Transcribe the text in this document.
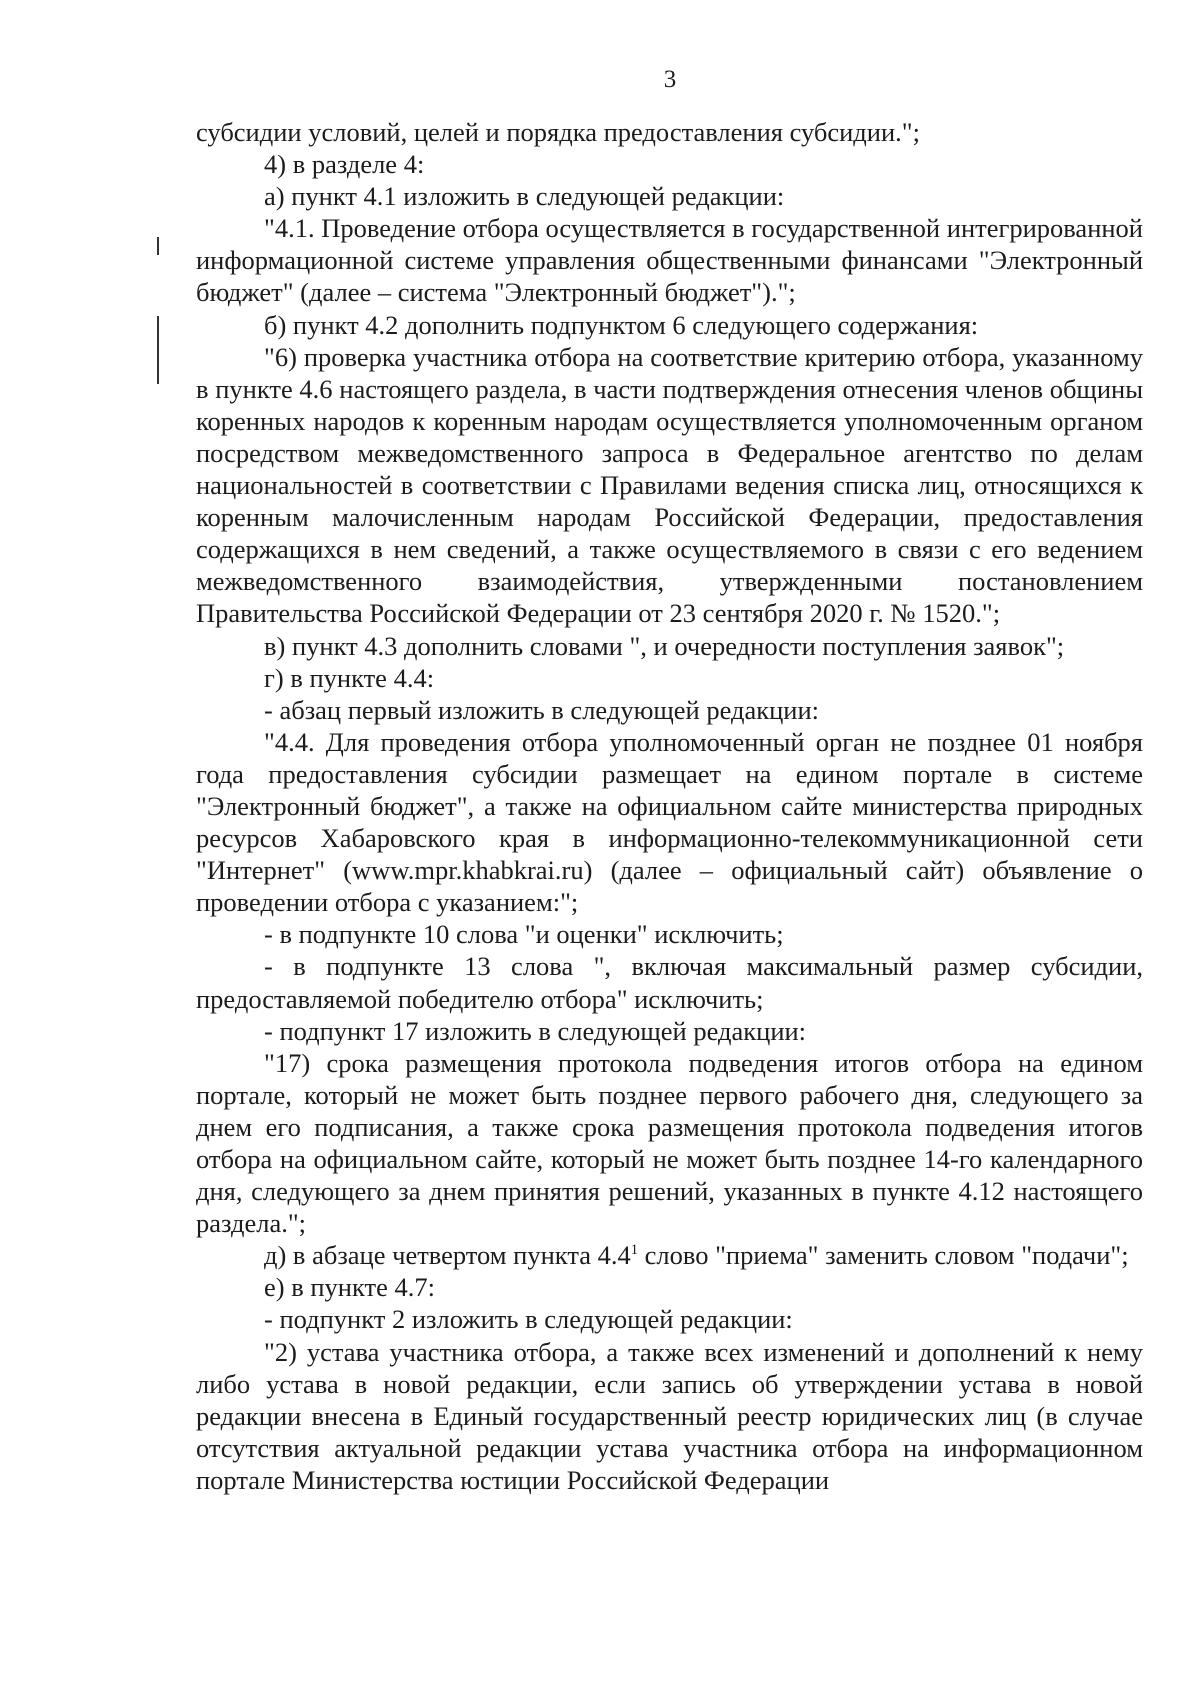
3

субсидии условий, целей и порядка предоставления субсидии.";

4) в разделе 4:

а) пункт 4.1 изложить в следующей редакции:

"4.1. Проведение отбора осуществляется в государственной интегрированной информационной системе управления общественными финансами "Электронный бюджет" (далее – система "Электронный бюджет").";

б) пункт 4.2 дополнить подпунктом 6 следующего содержания:

"6) проверка участника отбора на соответствие критерию отбора, указанному в пункте 4.6 настоящего раздела, в части подтверждения отнесения членов общины коренных народов к коренным народам осуществляется уполномоченным органом посредством межведомственного запроса в Федеральное агентство по делам национальностей в соответствии с Правилами ведения списка лиц, относящихся к коренным малочисленным народам Российской Федерации, предоставления содержащихся в нем сведений, а также осуществляемого в связи с его ведением межведомственного взаимодействия, утвержденными постановлением Правительства Российской Федерации от 23 сентября 2020 г. № 1520.";

в) пункт 4.3 дополнить словами ", и очередности поступления заявок";

г) в пункте 4.4:

- абзац первый изложить в следующей редакции:

"4.4. Для проведения отбора уполномоченный орган не позднее 01 ноября года предоставления субсидии размещает на едином портале в системе "Электронный бюджет", а также на официальном сайте министерства природных ресурсов Хабаровского края в информационно-телекоммуникационной сети "Интернет" (www.mpr.khabkrai.ru) (далее – официальный сайт) объявление о проведении отбора с указанием:";

- в подпункте 10 слова "и оценки" исключить;

- в подпункте 13 слова ", включая максимальный размер субсидии, предоставляемой победителю отбора" исключить;

- подпункт 17 изложить в следующей редакции:

"17) срока размещения протокола подведения итогов отбора на едином портале, который не может быть позднее первого рабочего дня, следующего за днем его подписания, а также срока размещения протокола подведения итогов отбора на официальном сайте, который не может быть позднее 14-го календарного дня, следующего за днем принятия решений, указанных в пункте 4.12 настоящего раздела.";

д) в абзаце четвертом пункта $4.4^1$ слово "приема" заменить словом "подачи";

е) в пункте 4.7:

- подпункт 2 изложить в следующей редакции:

"2) устава участника отбора, а также всех изменений и дополнений к нему либо устава в новой редакции, если запись об утверждении устава в новой редакции внесена в Единый государственный реестр юридических лиц (в случае отсутствия актуальной редакции устава участника отбора на информационном портале Министерства юстиции Российской Федерации
